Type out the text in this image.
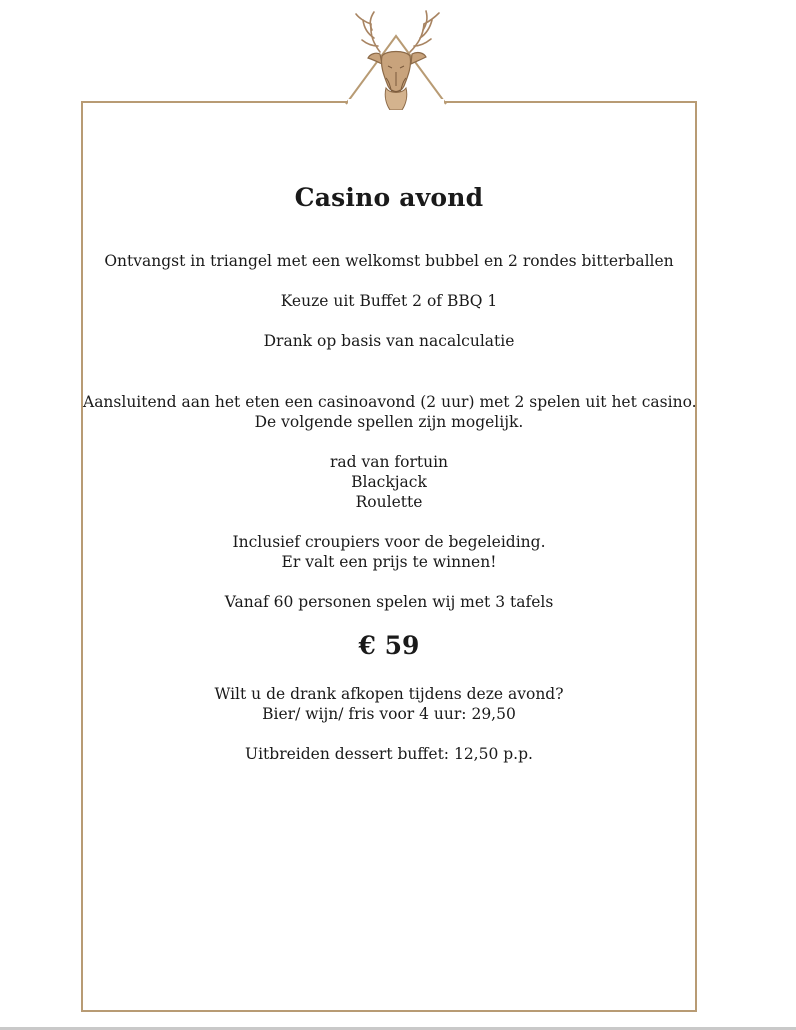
Casino avond
Ontvangst in triangel met een welkomst bubbel en 2 rondes bitterballen
Keuze uit Buffet 2 of BBQ 1
Drank op basis van nacalculatie
Aansluitend aan het eten een casinoavond (2 uur) met 2 spelen uit het casino.
De volgende spellen zijn mogelijk.
rad van fortuin
Blackjack
Roulette
Inclusief croupiers voor de begeleiding.
Er valt een prijs te winnen!
Vanaf 60 personen spelen wij met 3 tafels
€ 59
Wilt u de drank afkopen tijdens deze avond?
Bier/ wijn/ fris voor 4 uur: 29,50
Uitbreiden dessert buffet: 12,50 p.p.
